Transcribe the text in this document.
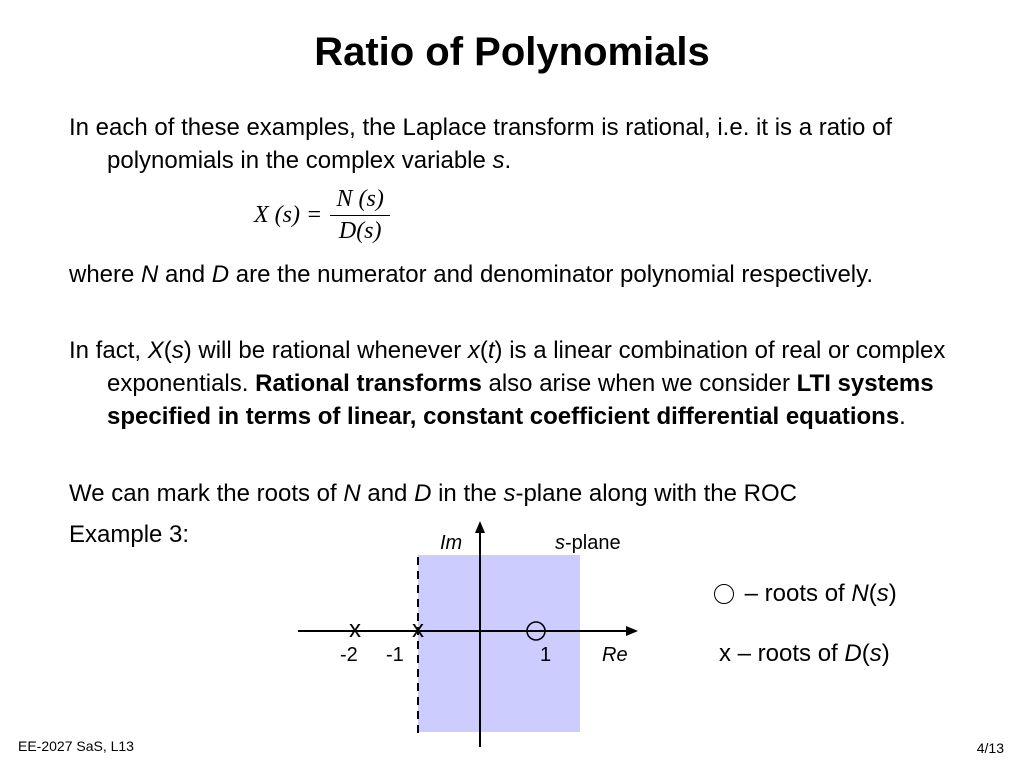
Ratio of Polynomials
In each of these examples, the Laplace transform is rational, i.e. it is a ratio of polynomials in the complex variable s.
X $(s) = \frac{N (s)}{D(s)}$
where N and D are the numerator and denominator polynomial respectively.
In fact, X(s) will be rational whenever x(t) is a linear combination of real or complex exponentials. Rational transforms also arise when we consider LTI systems specified in terms of linear, constant coefficient differential equations.
We can mark the roots of N and D in the s-plane along with the ROC
Example 3:
x x
-2 -1	1	Re
Im	s-plane
– roots of N(s)
x – roots of D(s)
EE-2027 SaS, L13	4/13
